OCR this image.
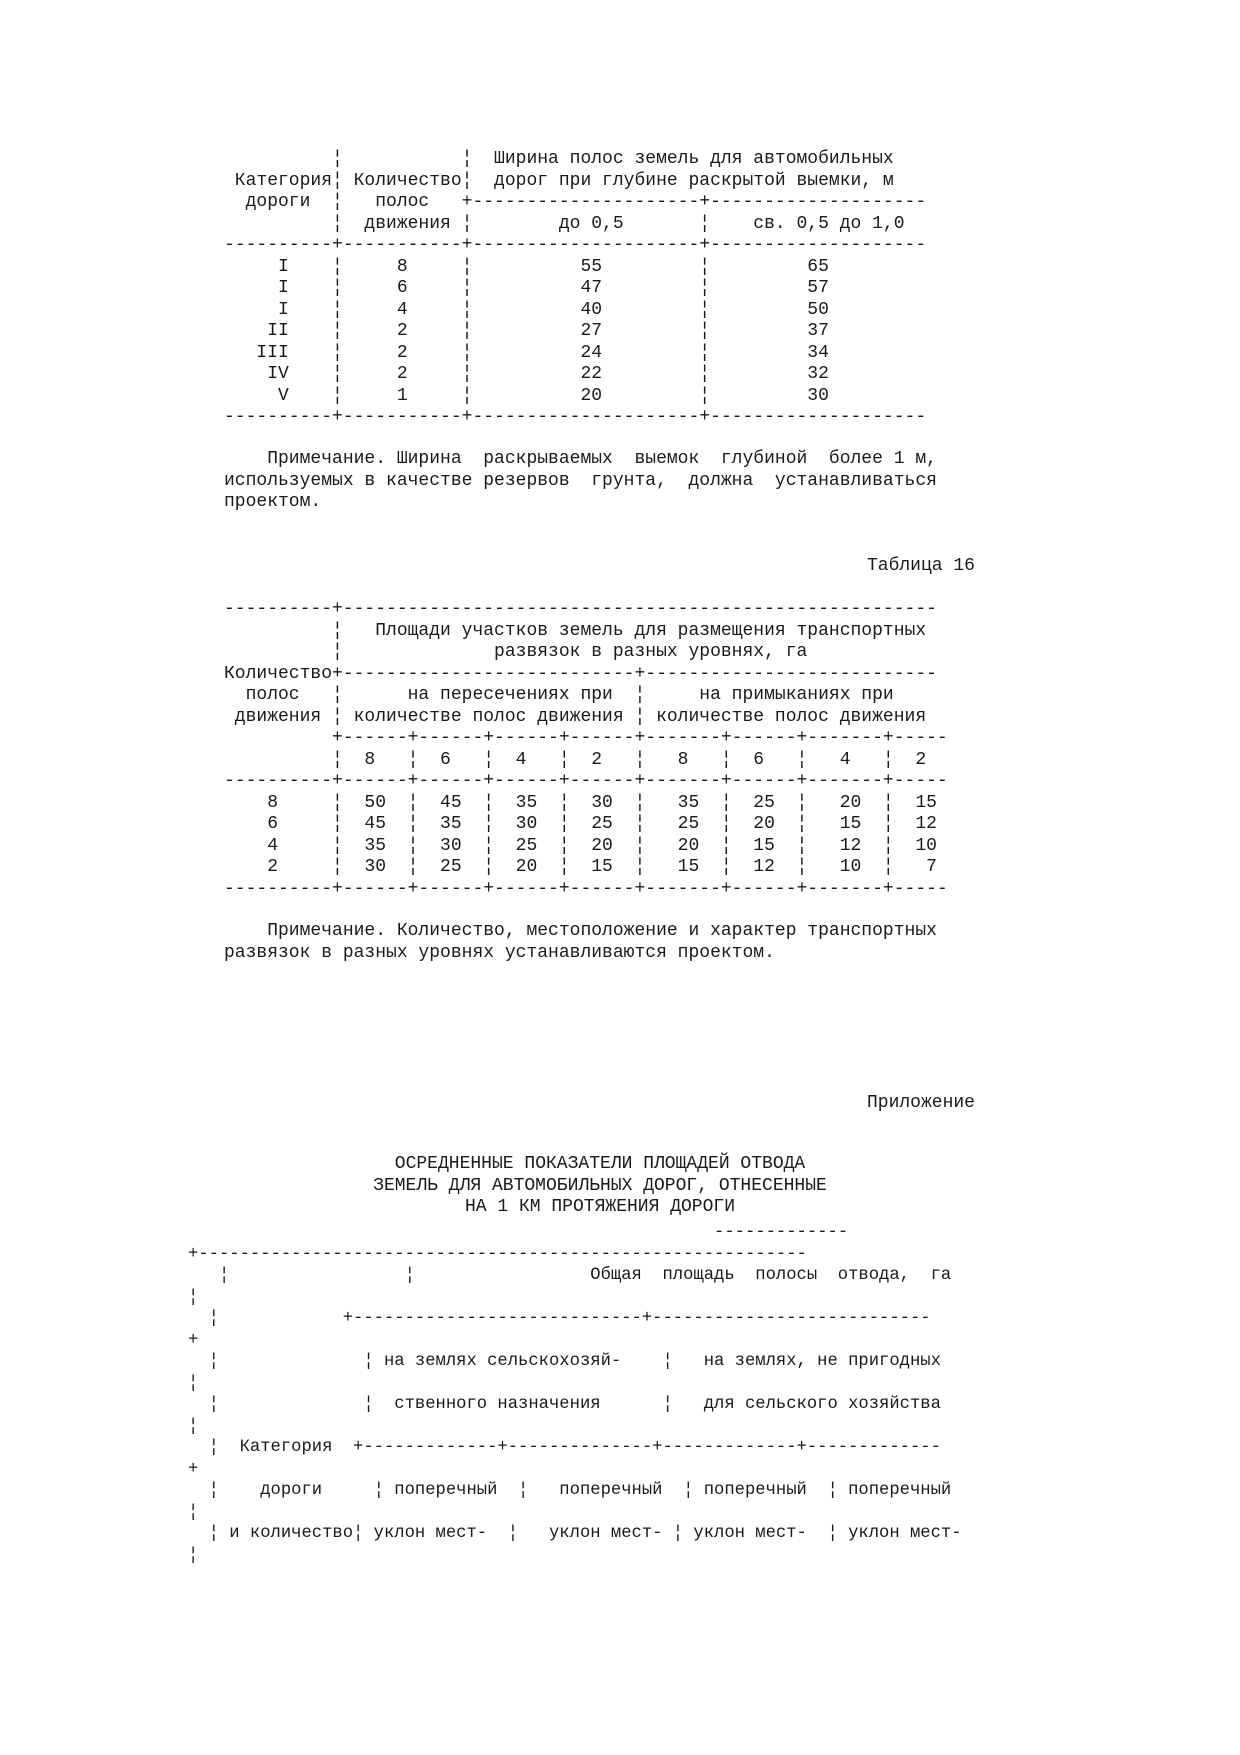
¦           ¦  Ширина полос земель для автомобильных
Категория¦ Количество¦  дорог при глубине раскрытой выемки, м
дороги  ¦   полос   +---------------------+--------------------
¦  движения ¦        до 0,5       ¦    св. 0,5 до 1,0
----------+-----------+---------------------+--------------------
I    ¦     8     ¦          55         ¦         65
I    ¦     6     ¦          47         ¦         57
I    ¦     4     ¦          40         ¦         50
II    ¦     2     ¦          27         ¦         37
III    ¦     2     ¦          24         ¦         34
IV    ¦     2     ¦          22         ¦         32
V    ¦     1     ¦          20         ¦         30
----------+-----------+---------------------+--------------------
Примечание. Ширина  раскрываемых  выемок  глубиной  более 1 м,
используемых в качестве резервов  грунта,  должна  устанавливаться
проектом.
Таблица 16
----------+-------------------------------------------------------
¦   Площади участков земель для размещения транспортных
¦              развязок в разных уровнях, га
Количество+---------------------------+---------------------------
полос   ¦      на пересечениях при  ¦     на примыканиях при
движения ¦ количестве полос движения ¦ количестве полос движения
+------+------+------+------+-------+------+-------+-----
¦  8   ¦  6   ¦  4   ¦  2   ¦   8   ¦  6   ¦   4   ¦  2
----------+------+------+------+------+-------+------+-------+-----
8     ¦  50  ¦  45  ¦  35  ¦  30  ¦   35  ¦  25  ¦   20  ¦  15
6     ¦  45  ¦  35  ¦  30  ¦  25  ¦   25  ¦  20  ¦   15  ¦  12
4     ¦  35  ¦  30  ¦  25  ¦  20  ¦   20  ¦  15  ¦   12  ¦  10
2     ¦  30  ¦  25  ¦  20  ¦  15  ¦   15  ¦  12  ¦   10  ¦   7
----------+------+------+------+------+-------+------+-------+-----
Примечание. Количество, местоположение и характер транспортных
развязок в разных уровнях устанавливаются проектом.
Приложение
ОСРЕДНЕННЫЕ ПОКАЗАТЕЛИ ПЛОЩАДЕЙ ОТВОДА
ЗЕМЕЛЬ ДЛЯ АВТОМОБИЛЬНЫХ ДОРОГ, ОТНЕСЕННЫЕ
НА 1 КМ ПРОТЯЖЕНИЯ ДОРОГИ
-------------
+-----------------------------------------------------------
¦                 ¦                 Общая  площадь  полосы  отвода,  га
¦
¦            +----------------------------+---------------------------
+
¦              ¦ на землях сельскохозяй-    ¦   на землях, не пригодных
¦
¦              ¦  ственного назначения      ¦   для сельского хозяйства
¦
¦  Категория  +-------------+--------------+-------------+-------------
+
¦    дороги     ¦ поперечный  ¦   поперечный  ¦ поперечный  ¦ поперечный
¦
¦ и количество¦ уклон мест-  ¦   уклон мест- ¦ уклон мест-  ¦ уклон мест-
¦
